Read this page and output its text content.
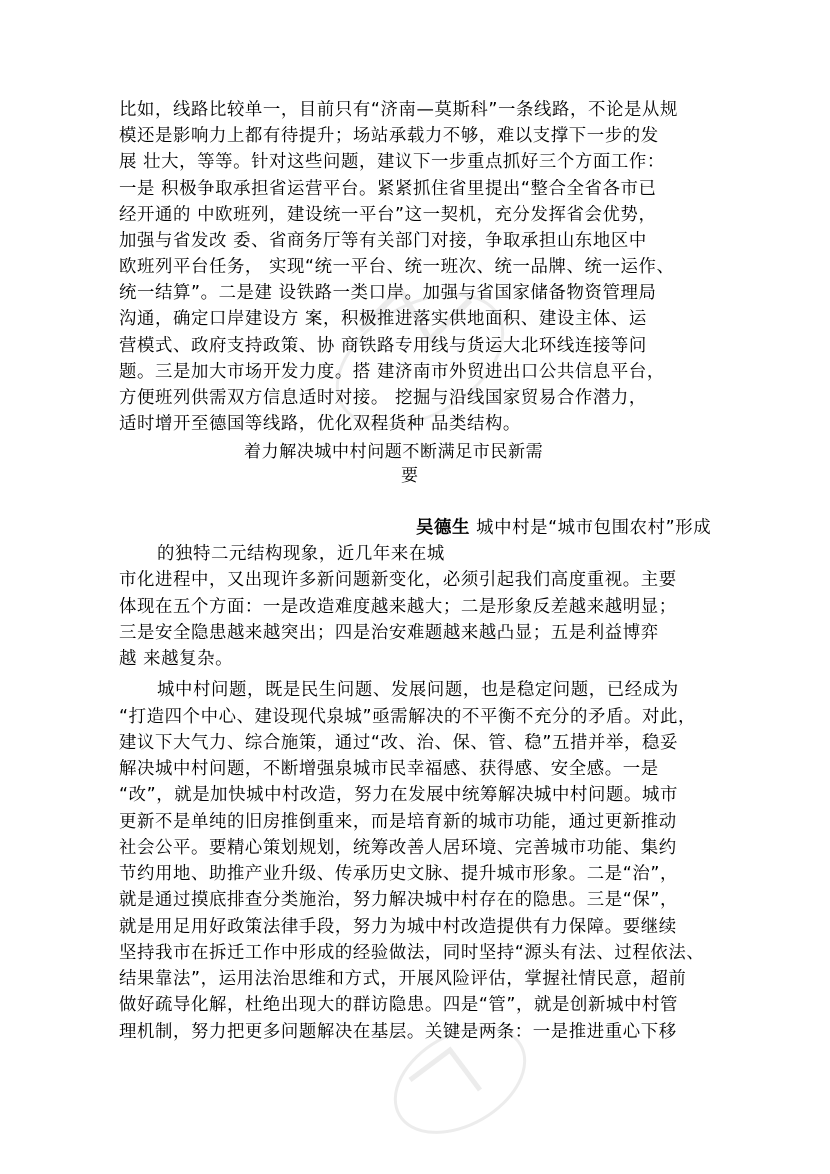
比如，线路比较单一，目前只有“济南—莫斯科”一条线路，不论是从规
模还是影响力上都有待提升；场站承载力不够，难以支撑下一步的发
展 壮大，等等。针对这些问题，建议下一步重点抓好三个方面工作：
一是 积极争取承担省运营平台。紧紧抓住省里提出“整合全省各市已
经开通的 中欧班列，建设统一平台”这一契机，充分发挥省会优势，
加强与省发改 委、省商务厅等有关部门对接，争取承担山东地区中
欧班列平台任务， 实现“统一平台、统一班次、统一品牌、统一运作、
统一结算”。二是建 设铁路一类口岸。加强与省国家储备物资管理局
沟通，确定口岸建设方 案，积极推进落实供地面积、建设主体、运
营模式、政府支持政策、协 商铁路专用线与货运大北环线连接等问
题。三是加大市场开发力度。搭 建济南市外贸进出口公共信息平台，
方便班列供需双方信息适时对接。 挖掘与沿线国家贸易合作潜力，
适时增开至德国等线路，优化双程货种 品类结构。
着力解决城中村问题不断满足市民新需
要
吴德生 城中村是“城市包围农村”形成
的独特二元结构现象，近几年来在城
市化进程中，又出现许多新问题新变化，必须引起我们高度重视。主要
体现在五个方面：一是改造难度越来越大；二是形象反差越来越明显；
三是安全隐患越来越突出；四是治安难题越来越凸显；五是利益博弈
越 来越复杂。
城中村问题，既是民生问题、发展问题，也是稳定问题，已经成为
“打造四个中心、建设现代泉城”亟需解决的不平衡不充分的矛盾。对此，
建议下大气力、综合施策，通过“改、治、保、管、稳”五措并举，稳妥
解决城中村问题，不断增强泉城市民幸福感、获得感、安全感。一是
“改”，就是加快城中村改造，努力在发展中统筹解决城中村问题。城市
更新不是单纯的旧房推倒重来，而是培育新的城市功能，通过更新推动
社会公平。要精心策划规划，统筹改善人居环境、完善城市功能、集约
节约用地、助推产业升级、传承历史文脉、提升城市形象。二是“治”，
就是通过摸底排查分类施治，努力解决城中村存在的隐患。三是“保”，
就是用足用好政策法律手段，努力为城中村改造提供有力保障。要继续
坚持我市在拆迁工作中形成的经验做法，同时坚持“源头有法、过程依法、
结果靠法”，运用法治思维和方式，开展风险评估，掌握社情民意，超前
做好疏导化解，杜绝出现大的群访隐患。四是“管”，就是创新城中村管
理机制，努力把更多问题解决在基层。关键是两条：一是推进重心下移
